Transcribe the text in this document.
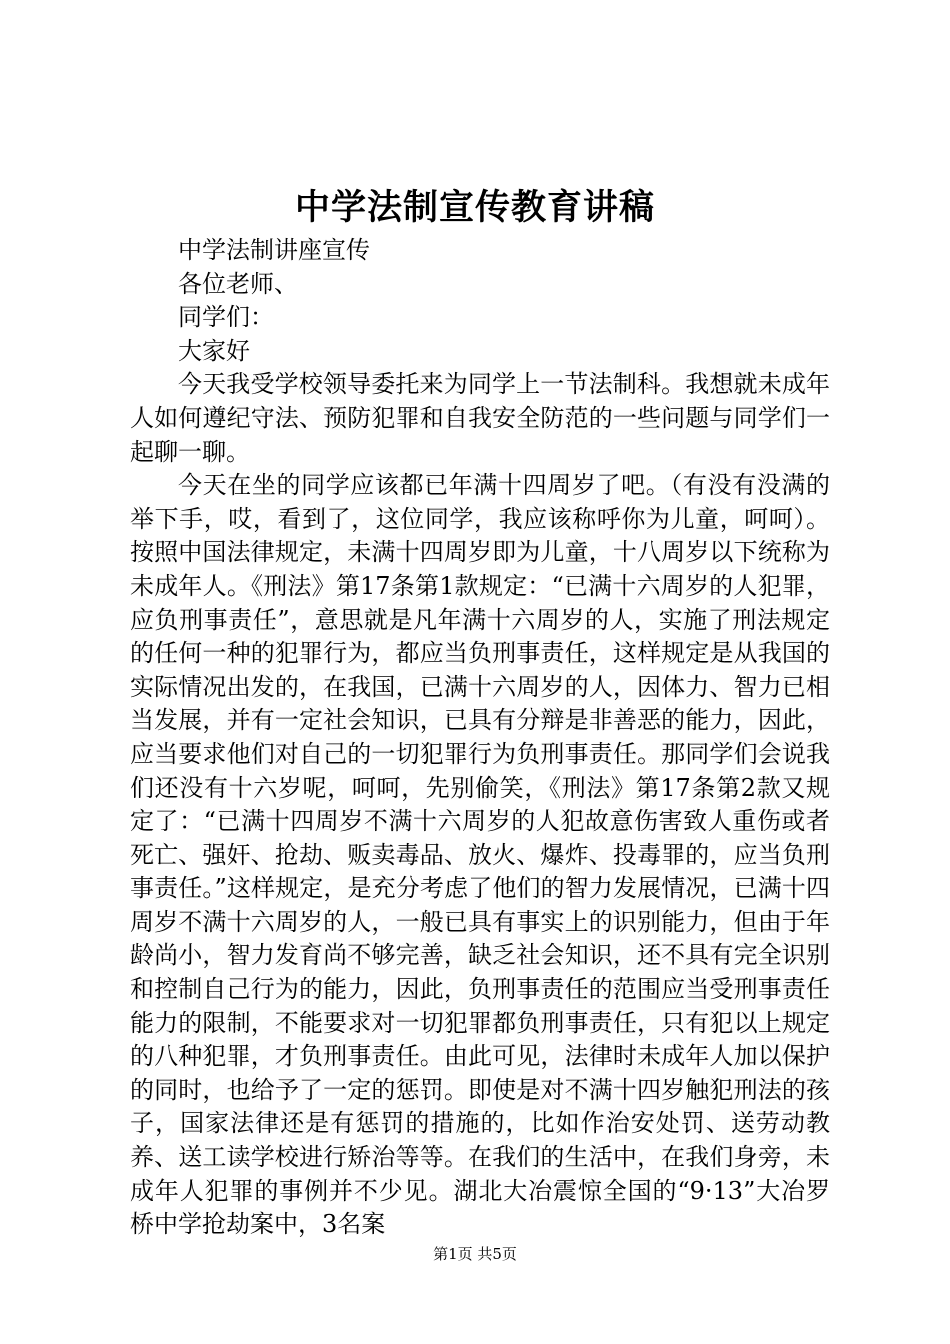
中学法制宣传教育讲稿

中学法制讲座宣传

各位老师、

同学们：

大家好

今天我受学校领导委托来为同学上一节法制科。我想就未成年人如何遵纪守法、预防犯罪和自我安全防范的一些问题与同学们一起聊一聊。

今天在坐的同学应该都已年满十四周岁了吧。（有没有没满的举下手，哎，看到了，这位同学，我应该称呼你为儿童，呵呵）。按照中国法律规定，未满十四周岁即为儿童，十八周岁以下统称为未成年人。《刑法》第17条第1款规定：“已满十六周岁的人犯罪，应负刑事责任”，意思就是凡年满十六周岁的人，实施了刑法规定的任何一种的犯罪行为，都应当负刑事责任，这样规定是从我国的实际情况出发的，在我国，已满十六周岁的人，因体力、智力已相当发展，并有一定社会知识，已具有分辩是非善恶的能力，因此，应当要求他们对自己的一切犯罪行为负刑事责任。那同学们会说我们还没有十六岁呢，呵呵，先别偷笑，《刑法》第17条第2款又规定了：“已满十四周岁不满十六周岁的人犯故意伤害致人重伤或者死亡、强奸、抢劫、贩卖毒品、放火、爆炸、投毒罪的，应当负刑事责任。”这样规定，是充分考虑了他们的智力发展情况，已满十四周岁不满十六周岁的人，一般已具有事实上的识别能力，但由于年龄尚小，智力发育尚不够完善，缺乏社会知识，还不具有完全识别和控制自己行为的能力，因此，负刑事责任的范围应当受刑事责任能力的限制，不能要求对一切犯罪都负刑事责任，只有犯以上规定的八种犯罪，才负刑事责任。由此可见，法律时未成年人加以保护的同时，也给予了一定的惩罚。即使是对不满十四岁触犯刑法的孩子，国家法律还是有惩罚的措施的，比如作治安处罚、送劳动教养、送工读学校进行矫治等等。在我们的生活中，在我们身旁，未成年人犯罪的事例并不少见。湖北大冶震惊全国的“9·13”大冶罗桥中学抢劫案中，3名案

第1页 共5页
